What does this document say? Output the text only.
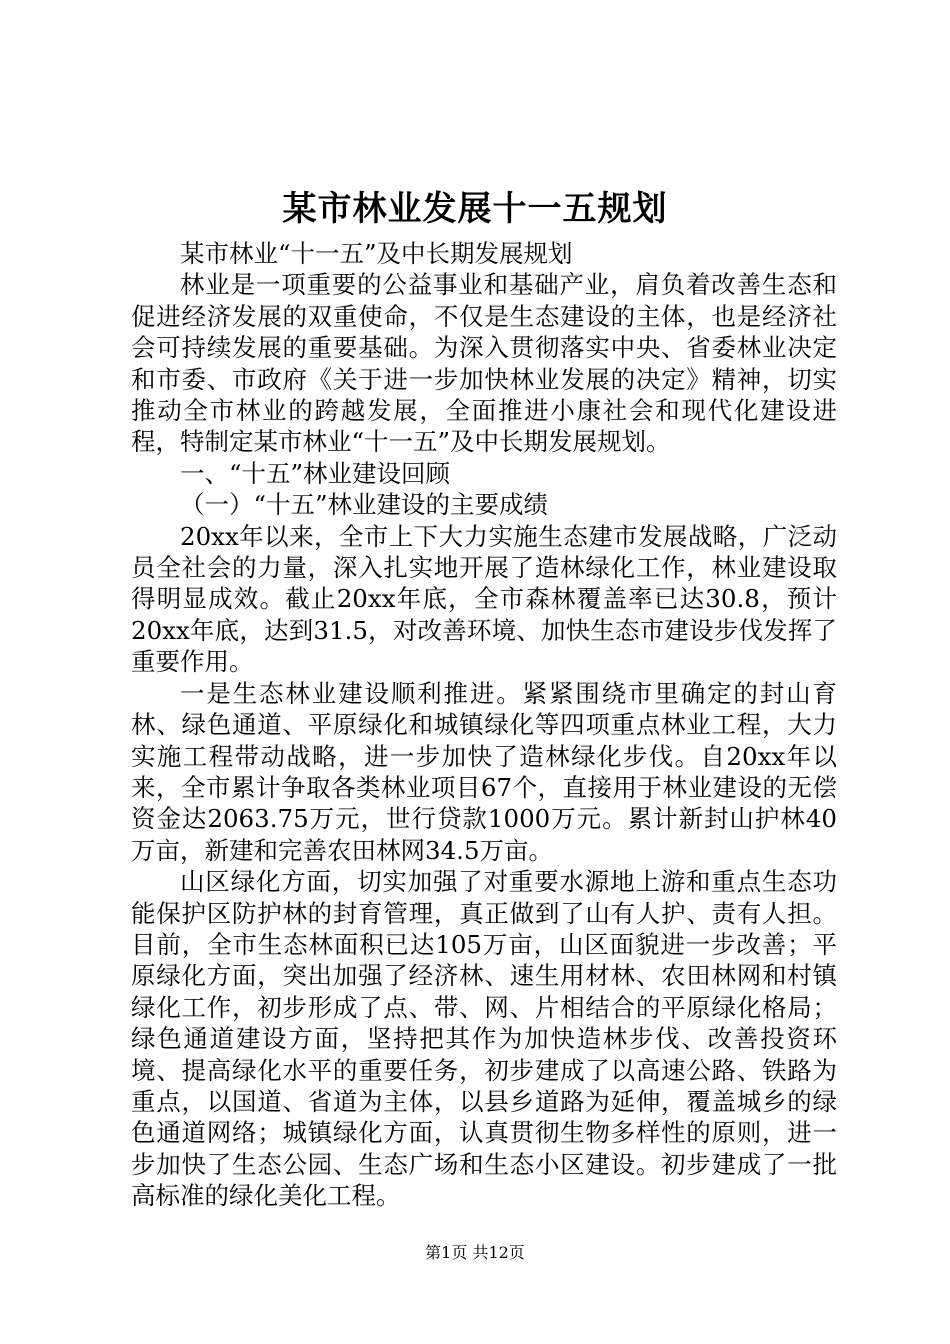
某市林业发展十一五规划

某市林业“十一五”及中长期发展规划

林业是一项重要的公益事业和基础产业，肩负着改善生态和促进经济发展的双重使命，不仅是生态建设的主体，也是经济社会可持续发展的重要基础。为深入贯彻落实中央、省委林业决定和市委、市政府《关于进一步加快林业发展的决定》精神，切实推动全市林业的跨越发展，全面推进小康社会和现代化建设进程，特制定某市林业“十一五”及中长期发展规划。

一、“十五”林业建设回顾

（一）“十五”林业建设的主要成绩

20xx年以来，全市上下大力实施生态建市发展战略，广泛动员全社会的力量，深入扎实地开展了造林绿化工作，林业建设取得明显成效。截止20xx年底，全市森林覆盖率已达30.8，预计20xx年底，达到31.5，对改善环境、加快生态市建设步伐发挥了重要作用。

一是生态林业建设顺利推进。紧紧围绕市里确定的封山育林、绿色通道、平原绿化和城镇绿化等四项重点林业工程，大力实施工程带动战略，进一步加快了造林绿化步伐。自20xx年以来，全市累计争取各类林业项目67个，直接用于林业建设的无偿资金达2063.75万元，世行贷款1000万元。累计新封山护林40万亩，新建和完善农田林网34.5万亩。

山区绿化方面，切实加强了对重要水源地上游和重点生态功能保护区防护林的封育管理，真正做到了山有人护、责有人担。目前，全市生态林面积已达105万亩，山区面貌进一步改善；平原绿化方面，突出加强了经济林、速生用材林、农田林网和村镇绿化工作，初步形成了点、带、网、片相结合的平原绿化格局；绿色通道建设方面，坚持把其作为加快造林步伐、改善投资环境、提高绿化水平的重要任务，初步建成了以高速公路、铁路为重点，以国道、省道为主体，以县乡道路为延伸，覆盖城乡的绿色通道网络；城镇绿化方面，认真贯彻生物多样性的原则，进一步加快了生态公园、生态广场和生态小区建设。初步建成了一批高标准的绿化美化工程。

第1页 共12页
